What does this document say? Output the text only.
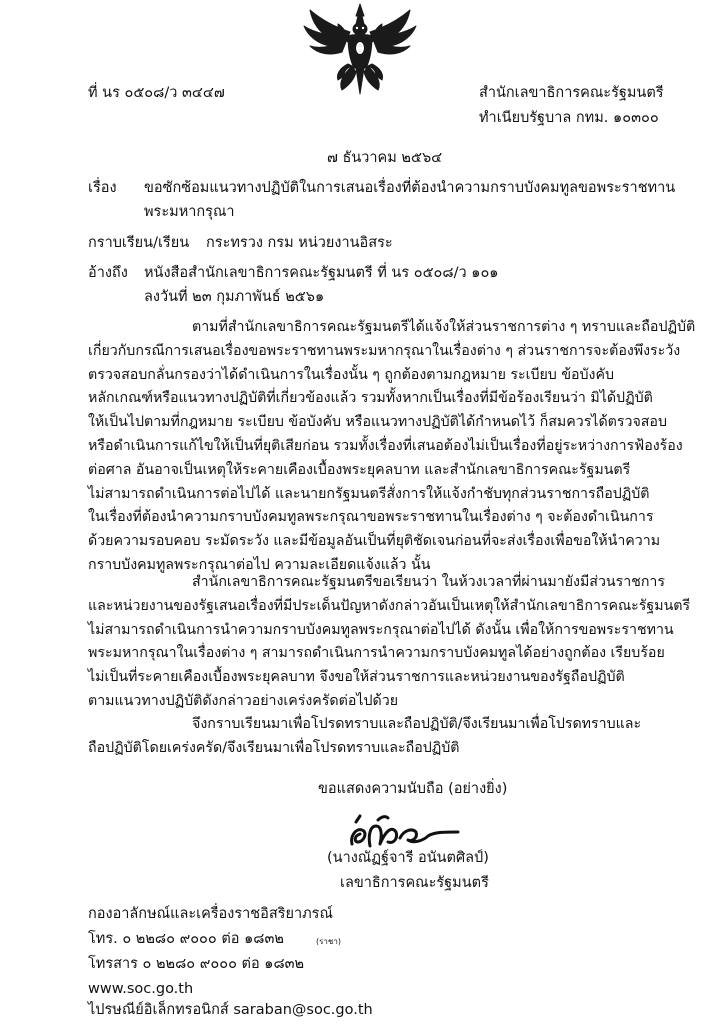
ที่ นร ๐๕๐๘/ว ๓๔๔๗	สำนักเลขาธิการคณะรัฐมนตรี
ทำเนียบรัฐบาล กทม. ๑๐๓๐๐
๗ ธันวาคม ๒๕๖๔
เรื่อง ขอซักซ้อมแนวทางปฏิบัติในการเสนอเรื่องที่ต้องนำความกราบบังคมทูลขอพระราชทาน
พระมหากรุณา
กราบเรียน/เรียน กระทรวง กรม หน่วยงานอิสระ
อ้างถึง หนังสือสำนักเลขาธิการคณะรัฐมนตรี ที่ นร ๐๕๐๘/ว ๑๐๑
ลงวันที่ ๒๓ กุมภาพันธ์ ๒๕๖๑
ตามที่สำนักเลขาธิการคณะรัฐมนตรีได้แจ้งให้ส่วนราชการต่าง ๆ ทราบและถือปฏิบัติ
เกี่ยวกับกรณีการเสนอเรื่องขอพระราชทานพระมหากรุณาในเรื่องต่าง ๆ ส่วนราชการจะต้องพึงระวัง
ตรวจสอบกลั่นกรองว่าได้ดำเนินการในเรื่องนั้น ๆ ถูกต้องตามกฎหมาย ระเบียบ ข้อบังคับ
หลักเกณฑ์หรือแนวทางปฏิบัติที่เกี่ยวข้องแล้ว รวมทั้งหากเป็นเรื่องที่มีข้อร้องเรียนว่า มิได้ปฏิบัติ
ให้เป็นไปตามที่กฎหมาย ระเบียบ ข้อบังคับ หรือแนวทางปฏิบัติได้กำหนดไว้ ก็สมควรได้ตรวจสอบ
หรือดำเนินการแก้ไขให้เป็นที่ยุติเสียก่อน รวมทั้งเรื่องที่เสนอต้องไม่เป็นเรื่องที่อยู่ระหว่างการฟ้องร้อง
ต่อศาล อันอาจเป็นเหตุให้ระคายเคืองเบื้องพระยุคลบาท และสำนักเลขาธิการคณะรัฐมนตรี
ไม่สามารถดำเนินการต่อไปได้ และนายกรัฐมนตรีสั่งการให้แจ้งกำชับทุกส่วนราชการถือปฏิบัติ
ในเรื่องที่ต้องนำความกราบบังคมทูลพระกรุณาขอพระราชทานในเรื่องต่าง ๆ จะต้องดำเนินการ
ด้วยความรอบคอบ ระมัดระวัง และมีข้อมูลอันเป็นที่ยุติชัดเจนก่อนที่จะส่งเรื่องเพื่อขอให้นำความ
กราบบังคมทูลพระกรุณาต่อไป ความละเอียดแจ้งแล้ว นั้น
สำนักเลขาธิการคณะรัฐมนตรีขอเรียนว่า ในห้วงเวลาที่ผ่านมายังมีส่วนราชการ
และหน่วยงานของรัฐเสนอเรื่องที่มีประเด็นปัญหาดังกล่าวอันเป็นเหตุให้สำนักเลขาธิการคณะรัฐมนตรี
ไม่สามารถดำเนินการนำความกราบบังคมทูลพระกรุณาต่อไปได้ ดังนั้น เพื่อให้การขอพระราชทาน
พระมหากรุณาในเรื่องต่าง ๆ สามารถดำเนินการนำความกราบบังคมทูลได้อย่างถูกต้อง เรียบร้อย
ไม่เป็นที่ระคายเคืองเบื้องพระยุคลบาท จึงขอให้ส่วนราชการและหน่วยงานของรัฐถือปฏิบัติ
ตามแนวทางปฏิบัติดังกล่าวอย่างเคร่งครัดต่อไปด้วย
จึงกราบเรียนมาเพื่อโปรดทราบและถือปฏิบัติ/จึงเรียนมาเพื่อโปรดทราบและ
ถือปฏิบัติโดยเคร่งครัด/จึงเรียนมาเพื่อโปรดทราบและถือปฏิบัติ
ขอแสดงความนับถือ (อย่างยิ่ง)
(นางณัฏฐ์จารี อนันตศิลป์)
เลขาธิการคณะรัฐมนตรี
กองอาลักษณ์และเครื่องราชอิสริยาภรณ์
โทร. ๐ ๒๒๘๐ ๙๐๐๐ ต่อ ๑๘๓๒	(ราชา)
โทรสาร ๐ ๒๒๘๐ ๙๐๐๐ ต่อ ๑๘๓๒
www.soc.go.th
ไปรษณีย์อิเล็กทรอนิกส์ saraban@soc.go.th
